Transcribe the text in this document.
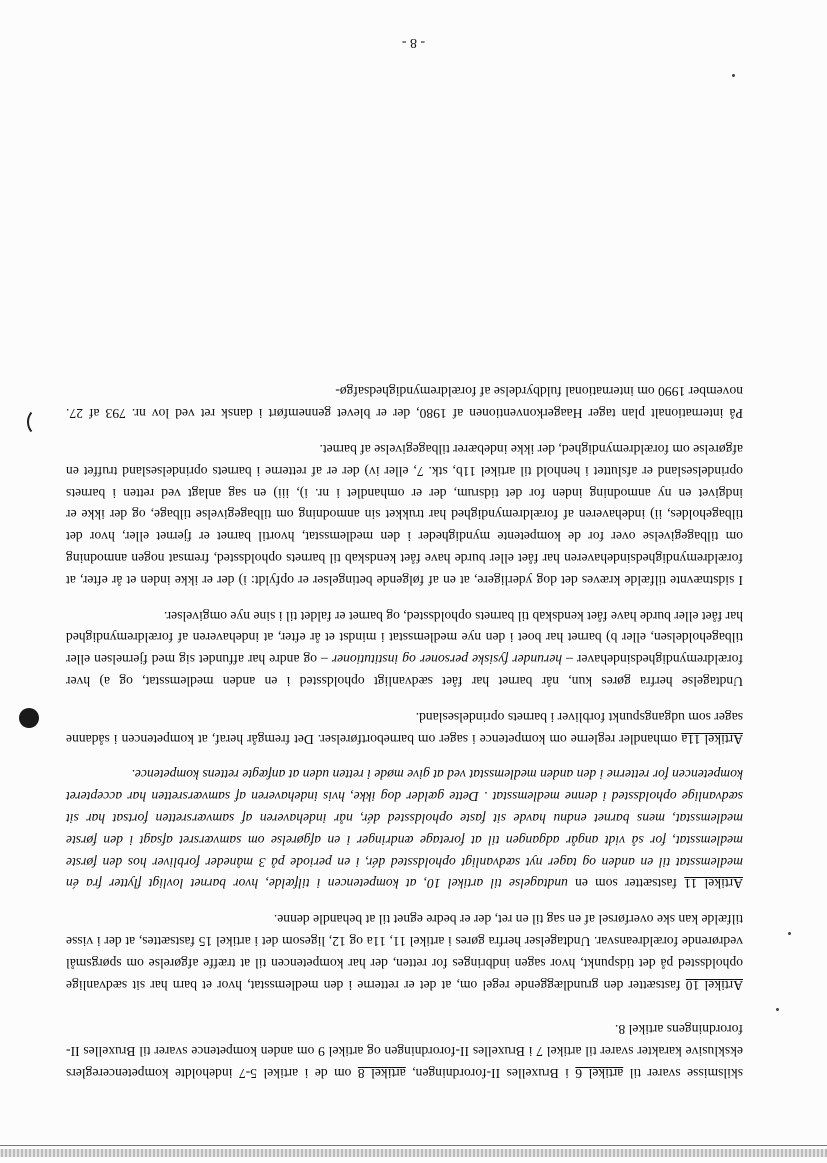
skilsmisse svarer til artikel 6 i Bruxelles II-forordningen, artikel 8 om de i artikel 5-7 indeholdte kompetencereglers eksklusive karakter svarer til artikel 7 i Bruxelles II-forordningen og artikel 9 om anden kompetence svarer til Bruxelles II-forordningens artikel 8.

Artikel 10 fastsætter den grundlæggende regel om, at det er retterne i den medlemsstat, hvor et barn har sit sædvanlige opholdssted på det tidspunkt, hvor sagen indbringes for retten, der har kompetencen til at træffe afgørelse om spørgsmål vedrørende forældreansvar. Undtagelser herfra gøres i artikel 11, 11a og 12, ligesom det i artikel 15 fastsættes, at der i visse tilfælde kan ske overførsel af en sag til en ret, der er bedre egnet til at behandle denne.

Artikel 11 fastsætter som en undtagelse til artikel 10, at kompetencen i tilfælde, hvor barnet lovligt flytter fra én medlemsstat til en anden og tager nyt sædvanligt opholdssted dér, i en periode på 3 måneder forbliver hos den første medlemsstat, for så vidt angår adgangen til at foretage ændringer i en afgørelse om samværsret afsagt i den første medlemsstat, mens barnet endnu havde sit faste opholdssted dér, når indehaveren af samværsretten fortsat har sit sædvanlige opholdssted i denne medlemsstat . Dette gælder dog ikke, hvis indehaveren af samværsretten har accepteret kompetencen for retterne i den anden medlemsstat ved at give møde i retten uden at anfægte rettens kompetence.

Artikel 11a omhandler reglerne om kompetence i sager om barnebortførelser. Det fremgår heraf, at kompetencen i sådanne sager som udgangspunkt forbliver i barnets oprindelsesland.

Undtagelse herfra gøres kun, når barnet har fået sædvanligt opholdssted i en anden medlemsstat, og a) hver forældremyndighedsindehaver – herunder fysiske personer og institutioner – og andre har affundet sig med fjernelsen eller tilbageholdelsen, eller b) barnet har boet i den nye medlemsstat i mindst et år efter, at indehaveren af forældremyndighed har fået eller burde have fået kendskab til barnets opholdssted, og barnet er faldet til i sine nye omgivelser.

I sidstnævnte tilfælde kræves det dog yderligere, at en af følgende betingelser er opfyldt: i) der er ikke inden et år efter, at forældremyndighedsindehaveren har fået eller burde have fået kendskab til barnets opholdssted, fremsat nogen anmodning om tilbagegivelse over for de kompetente myndigheder i den medlemsstat, hvortil barnet er fjernet eller, hvor det tilbageholdes, ii) indehaveren af forældremyndighed har trukket sin anmodning om tilbagegivelse tilbage, og der ikke er indgivet en ny anmodning inden for det tidsrum, der er omhandlet i nr. i), iii) en sag anlagt ved retten i barnets oprindelsesland er afsluttet i henhold til artikel 11b, stk. 7, eller iv) der er af retterne i barnets oprindelsesland truffet en afgørelse om forældremyndighed, der ikke indebærer tilbagegivelse af barnet.

På internationalt plan tager Haagerkonventionen af 1980, der er blevet gennemført i dansk ret ved lov nr. 793 af 27. november 1990 om international fuldbyrdelse af forældremyndighedsafgø-

- 8 -
